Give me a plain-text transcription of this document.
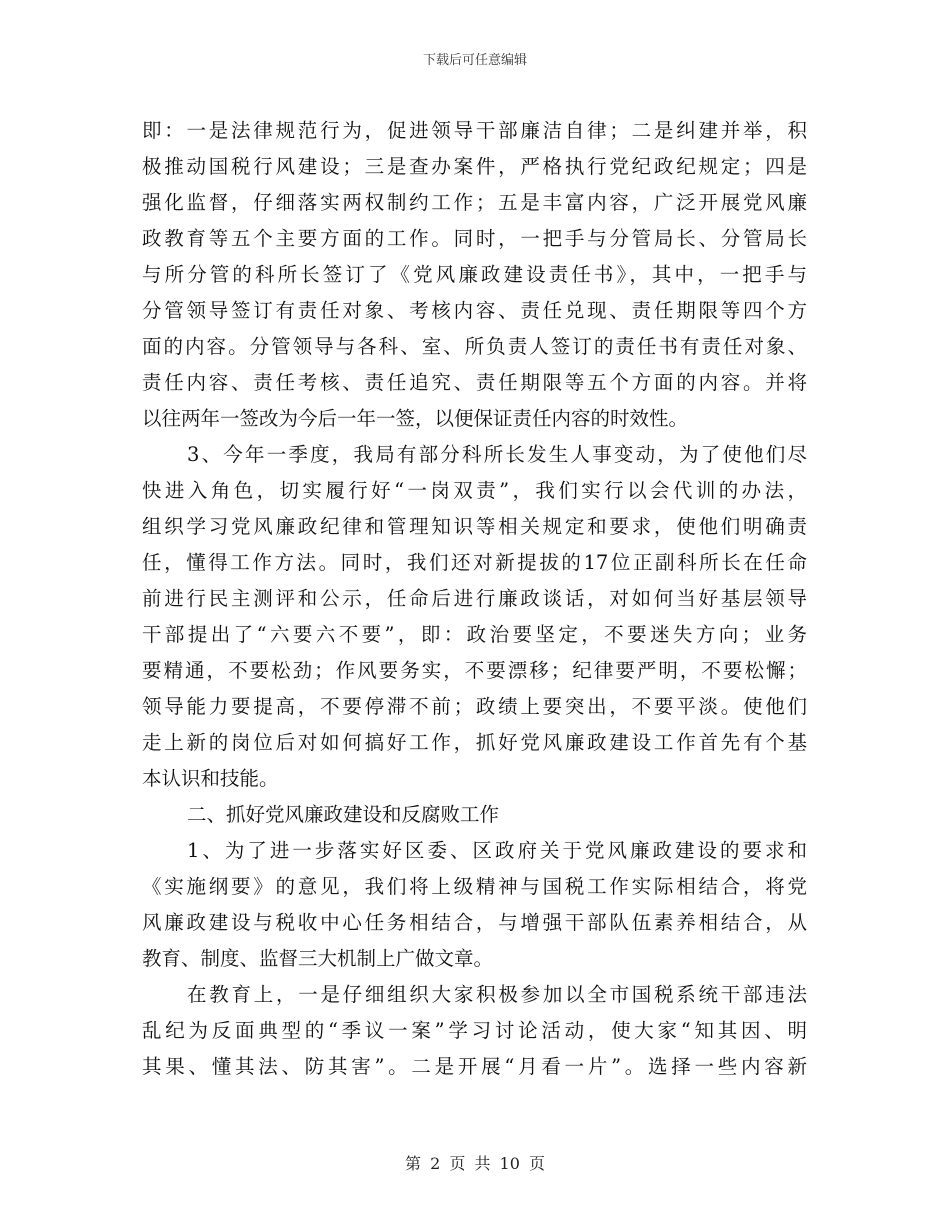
下载后可任意编辑
即：一是法律规范行为，促进领导干部廉洁自律；二是纠建并举，积
极推动国税行风建设；三是查办案件，严格执行党纪政纪规定；四是
强化监督，仔细落实两权制约工作；五是丰富内容，广泛开展党风廉
政教育等五个主要方面的工作。同时，一把手与分管局长、分管局长
与所分管的科所长签订了《党风廉政建设责任书》，其中，一把手与
分管领导签订有责任对象、考核内容、责任兑现、责任期限等四个方
面的内容。分管领导与各科、室、所负责人签订的责任书有责任对象、
责任内容、责任考核、责任追究、责任期限等五个方面的内容。并将
以往两年一签改为今后一年一签，以便保证责任内容的时效性。
3、今年一季度，我局有部分科所长发生人事变动，为了使他们尽
快进入角色，切实履行好“一岗双责”，我们实行以会代训的办法，
组织学习党风廉政纪律和管理知识等相关规定和要求，使他们明确责
任，懂得工作方法。同时，我们还对新提拔的17位正副科所长在任命
前进行民主测评和公示，任命后进行廉政谈话，对如何当好基层领导
干部提出了“六要六不要”，即：政治要坚定，不要迷失方向；业务
要精通，不要松劲；作风要务实，不要漂移；纪律要严明，不要松懈；
领导能力要提高，不要停滞不前；政绩上要突出，不要平淡。使他们
走上新的岗位后对如何搞好工作，抓好党风廉政建设工作首先有个基
本认识和技能。
二、抓好党风廉政建设和反腐败工作
1、为了进一步落实好区委、区政府关于党风廉政建设的要求和
《实施纲要》的意见，我们将上级精神与国税工作实际相结合，将党
风廉政建设与税收中心任务相结合，与增强干部队伍素养相结合，从
教育、制度、监督三大机制上广做文章。
在教育上，一是仔细组织大家积极参加以全市国税系统干部违法
乱纪为反面典型的“季议一案”学习讨论活动，使大家“知其因、明
其果、懂其法、防其害”。二是开展“月看一片”。选择一些内容新
第 2 页 共 10 页
